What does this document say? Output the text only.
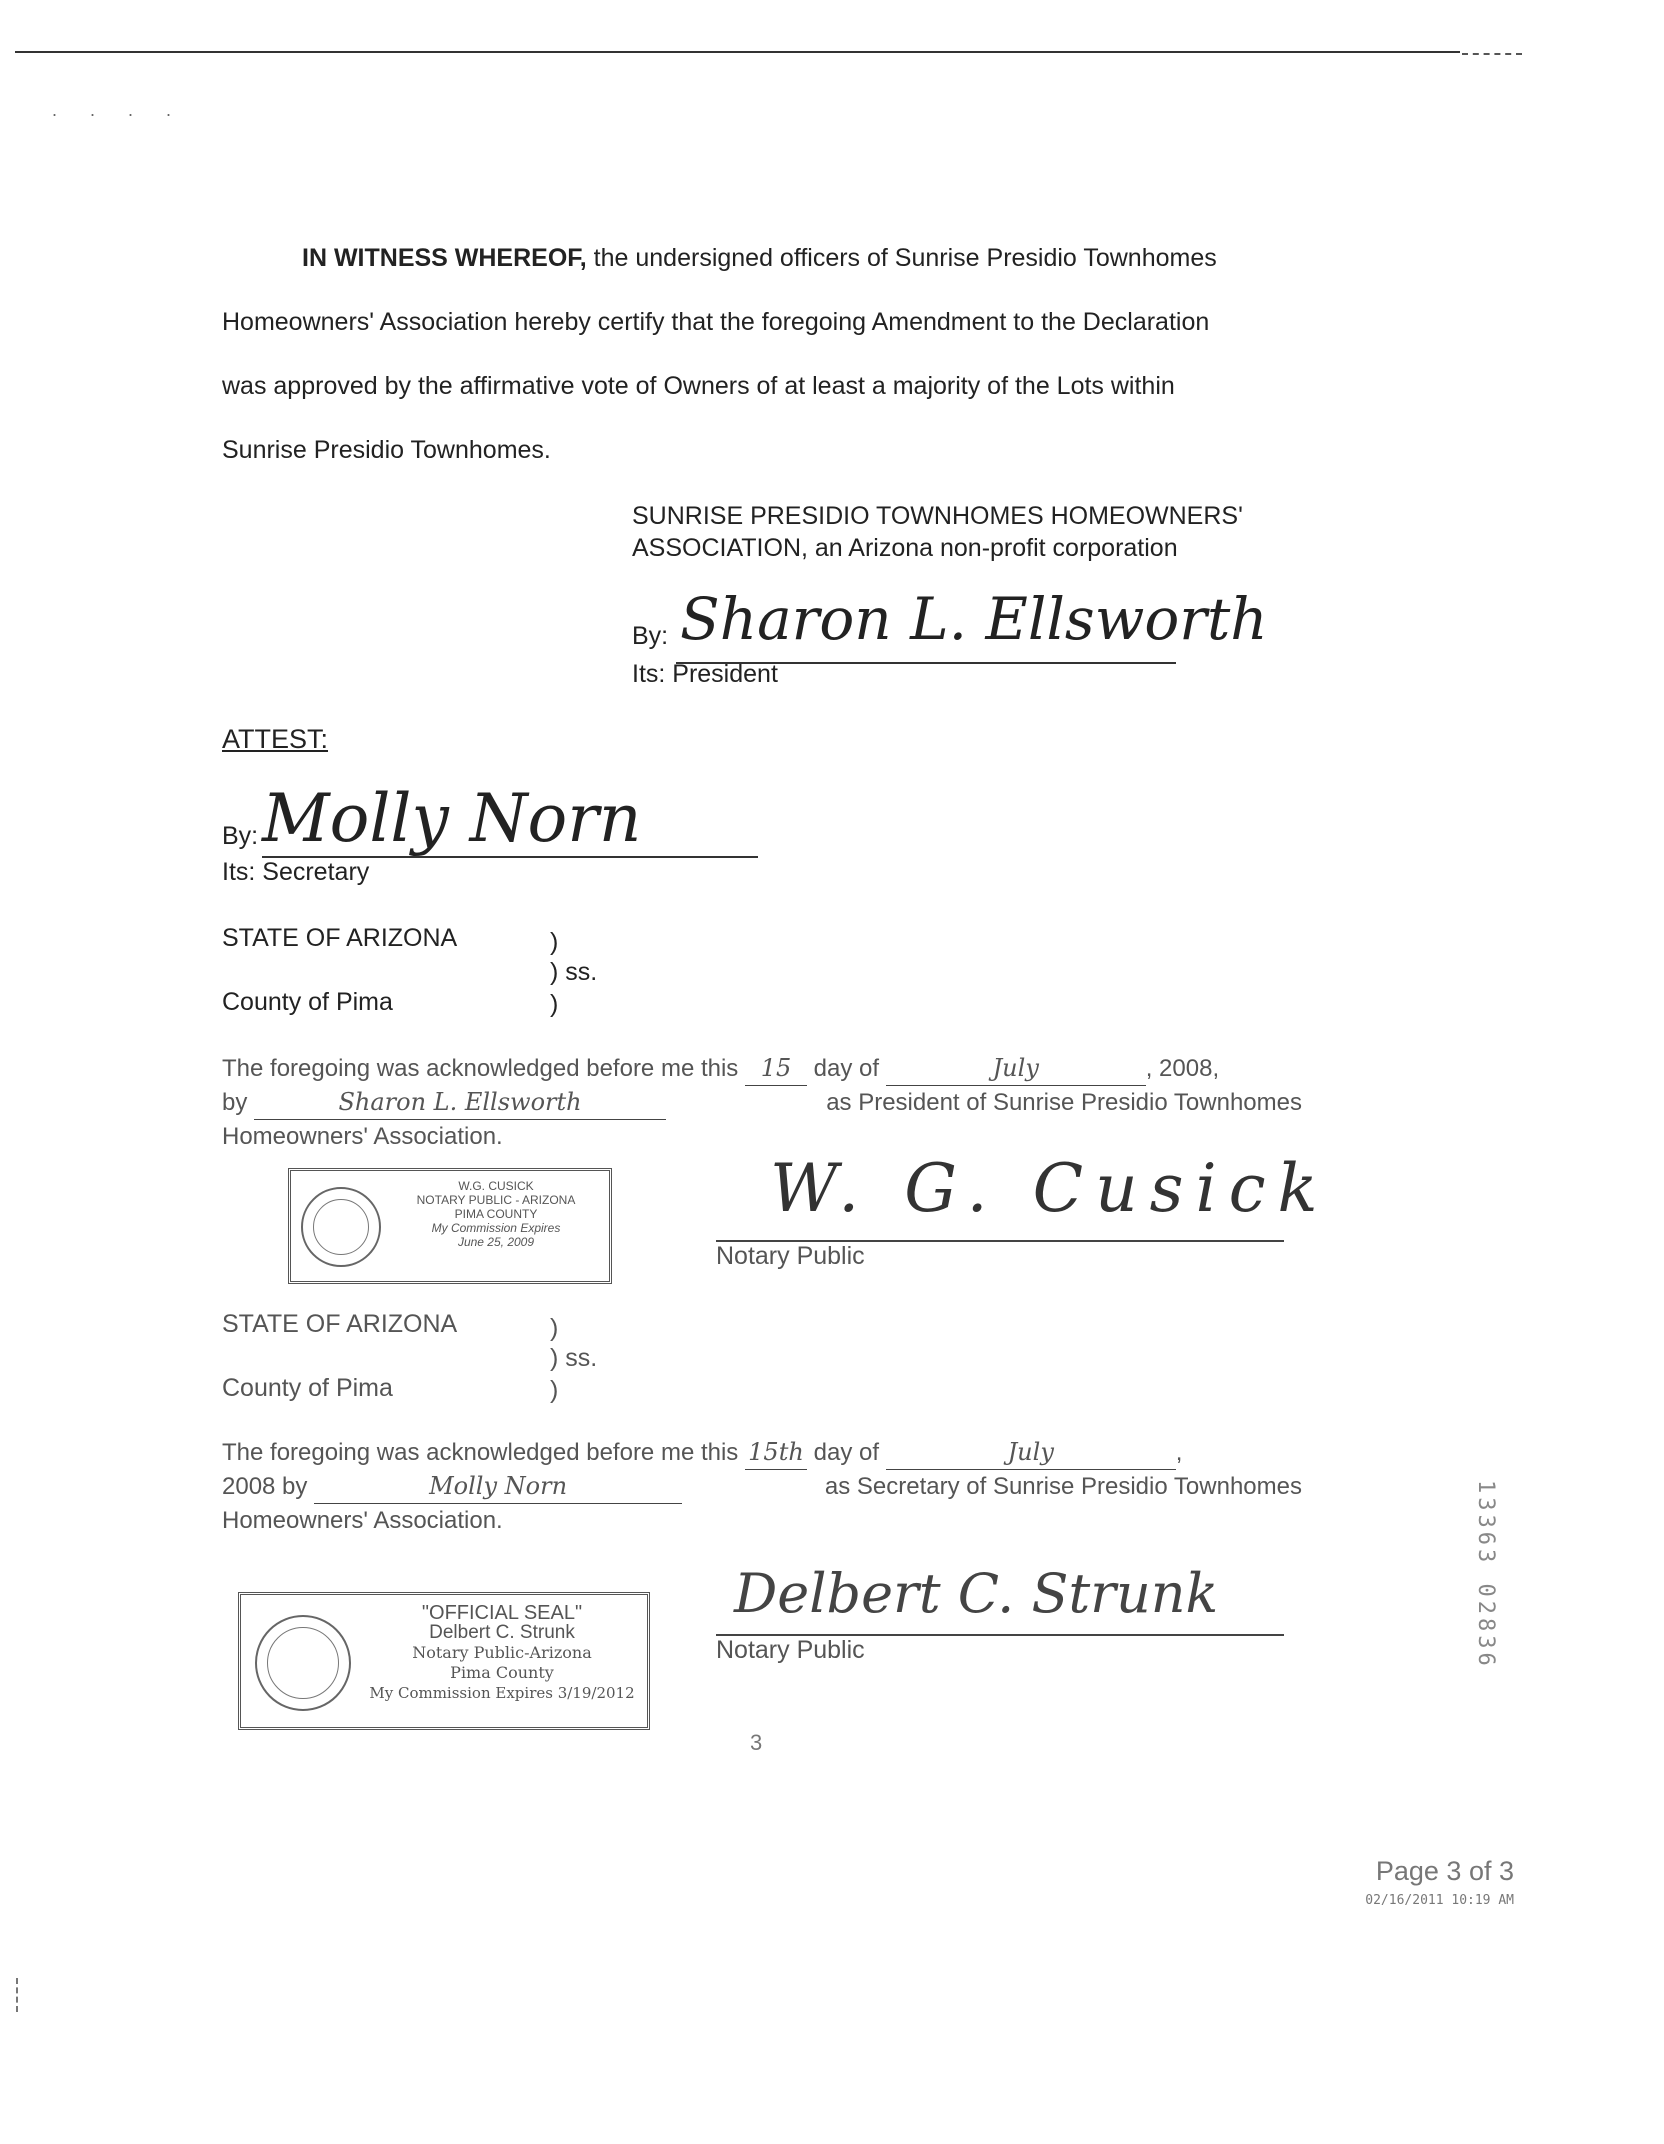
. . . .
IN WITNESS WHEREOF, the undersigned officers of Sunrise Presidio Townhomes
Homeowners' Association hereby certify that the foregoing Amendment to the Declaration
was approved by the affirmative vote of Owners of at least a majority of the Lots within
Sunrise Presidio Townhomes.
SUNRISE PRESIDIO TOWNHOMES HOMEOWNERS'
ASSOCIATION, an Arizona non-profit corporation
By: Sharon L. Ellsworth
Its: President
ATTEST:
By: Molly Norn
Its: Secretary
STATE OF ARIZONA	)
) ss.
County of Pima	)
The foregoing was acknowledged before me this 15 day of	July	, 2008,
by	Sharon L. Ellsworth	as President of Sunrise Presidio Townhomes
Homeowners' Association.
W.G. CUSICK
NOTARY PUBLIC - ARIZONA
PIMA COUNTY
My Commission Expires
June 25, 2009
W. G. Cusick
Notary Public
STATE OF ARIZONA	)
) ss.
County of Pima	)
The foregoing was acknowledged before me this 15th day of	July	,
2008 by	Molly Norn	as Secretary of Sunrise Presidio Townhomes
Homeowners' Association.
"OFFICIAL SEAL"
Delbert C. Strunk
Notary Public-Arizona
Pima County
My Commission Expires 3/19/2012
Delbert C. Strunk
Notary Public	13363 02836
3
Page 3 of 3
02/16/2011 10:19 AM
